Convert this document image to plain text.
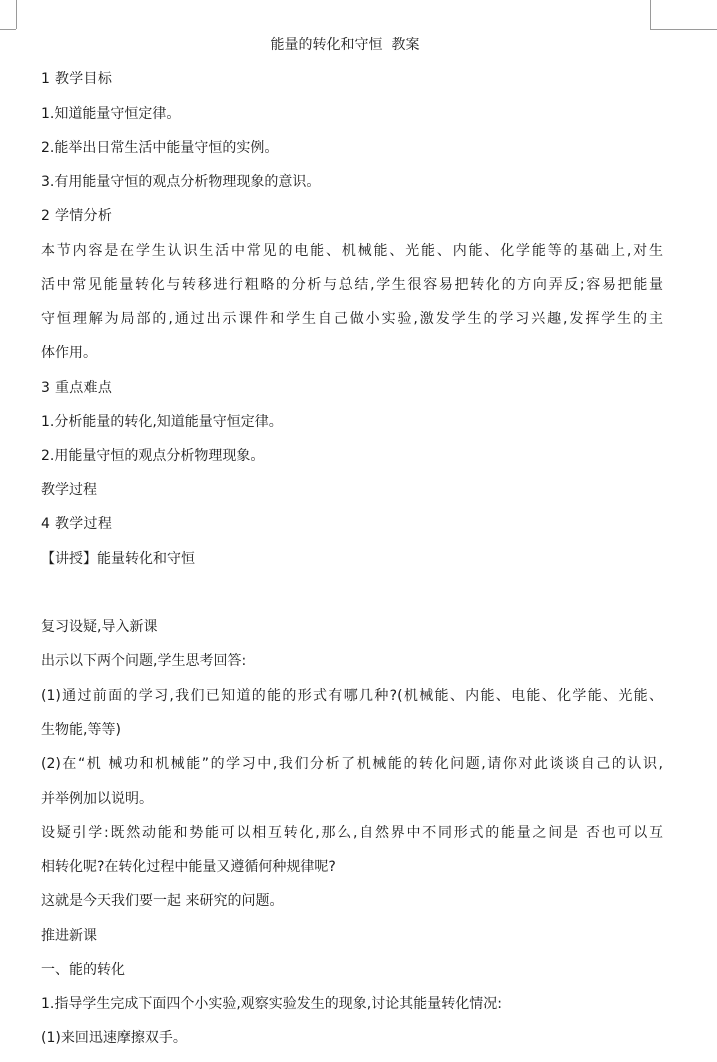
能量的转化和守恒  教案
1 教学目标
1.知道能量守恒定律。
2.能举出日常生活中能量守恒的实例。
3.有用能量守恒的观点分析物理现象的意识。
2 学情分析
本节内容是在学生认识生活中常见的电能、机械能、光能、内能、化学能等的基础上,对生
活中常见能量转化与转移进行粗略的分析与总结,学生很容易把转化的方向弄反;容易把能量
守恒理解为局部的,通过出示课件和学生自己做小实验,激发学生的学习兴趣,发挥学生的主
体作用。
3 重点难点
1.分析能量的转化,知道能量守恒定律。
2.用能量守恒的观点分析物理现象。
教学过程
4 教学过程
【讲授】能量转化和守恒
复习设疑,导入新课
出示以下两个问题,学生思考回答:
(1)通过前面的学习,我们已知道的能的形式有哪几种?(机械能、内能、电能、化学能、光能、
生物能,等等)
(2)在“机 械功和机械能”的学习中,我们分析了机械能的转化问题,请你对此谈谈自己的认识,
并举例加以说明。
设疑引学:既然动能和势能可以相互转化,那么,自然界中不同形式的能量之间是 否也可以互
相转化呢?在转化过程中能量又遵循何种规律呢?
这就是今天我们要一起 来研究的问题。
推进新课
一、能的转化
1.指导学生完成下面四个小实验,观察实验发生的现象,讨论其能量转化情况:
(1)来回迅速摩擦双手。
